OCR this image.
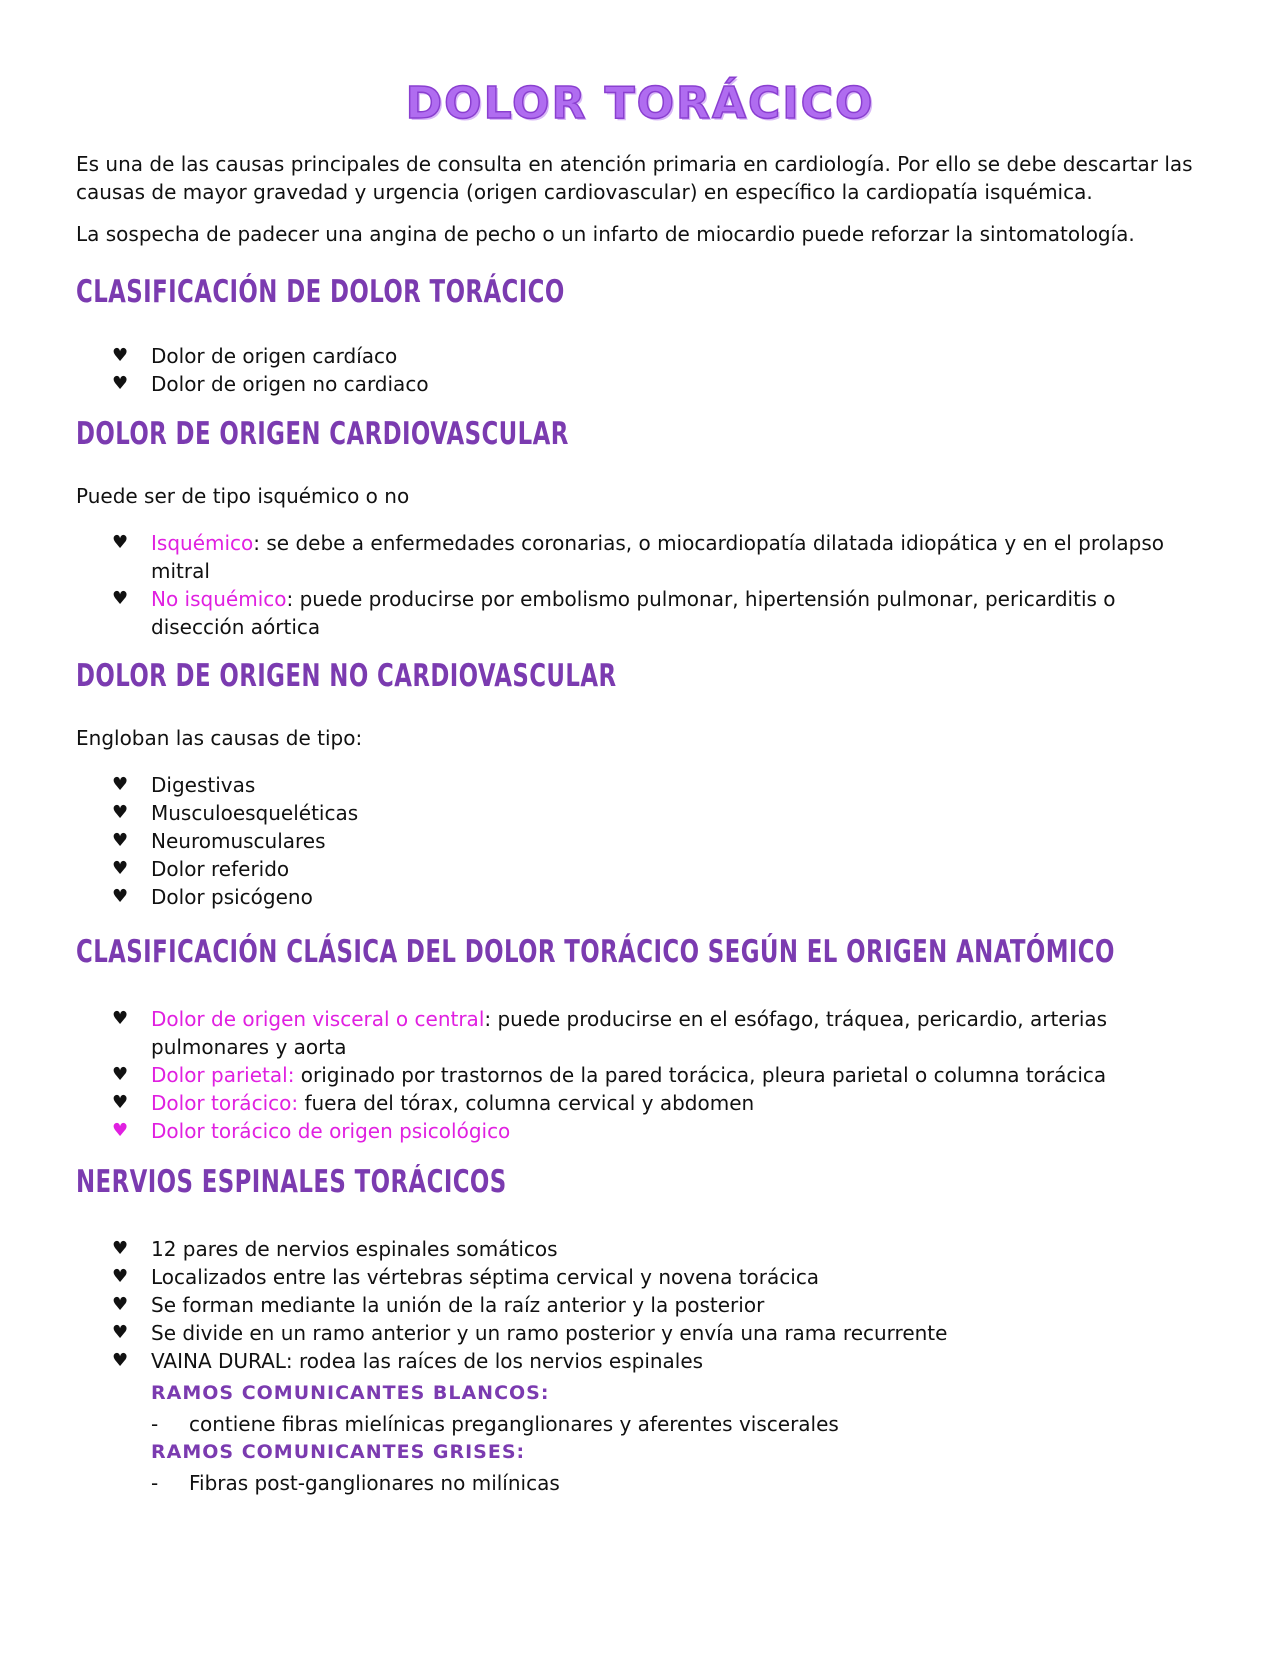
DOLOR TORÁCICO

Es una de las causas principales de consulta en atención primaria en cardiología. Por ello se debe descartar las causas de mayor gravedad y urgencia (origen cardiovascular) en específico la cardiopatía isquémica.

La sospecha de padecer una angina de pecho o un infarto de miocardio puede reforzar la sintomatología.

CLASIFICACIÓN DE DOLOR TORÁCICO
♥ Dolor de origen cardíaco
♥ Dolor de origen no cardiaco
DOLOR DE ORIGEN CARDIOVASCULAR

Puede ser de tipo isquémico o no

♥ Isquémico: se debe a enfermedades coronarias, o miocardiopatía dilatada idiopática y en el prolapso mitral
♥ No isquémico: puede producirse por embolismo pulmonar, hipertensión pulmonar, pericarditis o disección aórtica
DOLOR DE ORIGEN NO CARDIOVASCULAR

Engloban las causas de tipo:

♥ Digestivas
♥ Musculoesqueléticas
♥ Neuromusculares
♥ Dolor referido
♥ Dolor psicógeno
CLASIFICACIÓN CLÁSICA DEL DOLOR TORÁCICO SEGÚN EL ORIGEN ANATÓMICO
♥ Dolor de origen visceral o central: puede producirse en el esófago, tráquea, pericardio, arterias pulmonares y aorta
♥ Dolor parietal: originado por trastornos de la pared torácica, pleura parietal o columna torácica
♥ Dolor torácico: fuera del tórax, columna cervical y abdomen
♥ Dolor torácico de origen psicológico
NERVIOS ESPINALES TORÁCICOS
♥ 12 pares de nervios espinales somáticos
♥ Localizados entre las vértebras séptima cervical y novena torácica
♥ Se forman mediante la unión de la raíz anterior y la posterior
♥ Se divide en un ramo anterior y un ramo posterior y envía una rama recurrente
♥ VAINA DURAL: rodea las raíces de los nervios espinales
RAMOS COMUNICANTES BLANCOS:
- contiene fibras mielínicas preganglionares y aferentes viscerales
RAMOS COMUNICANTES GRISES:
- Fibras post-ganglionares no milínicas
